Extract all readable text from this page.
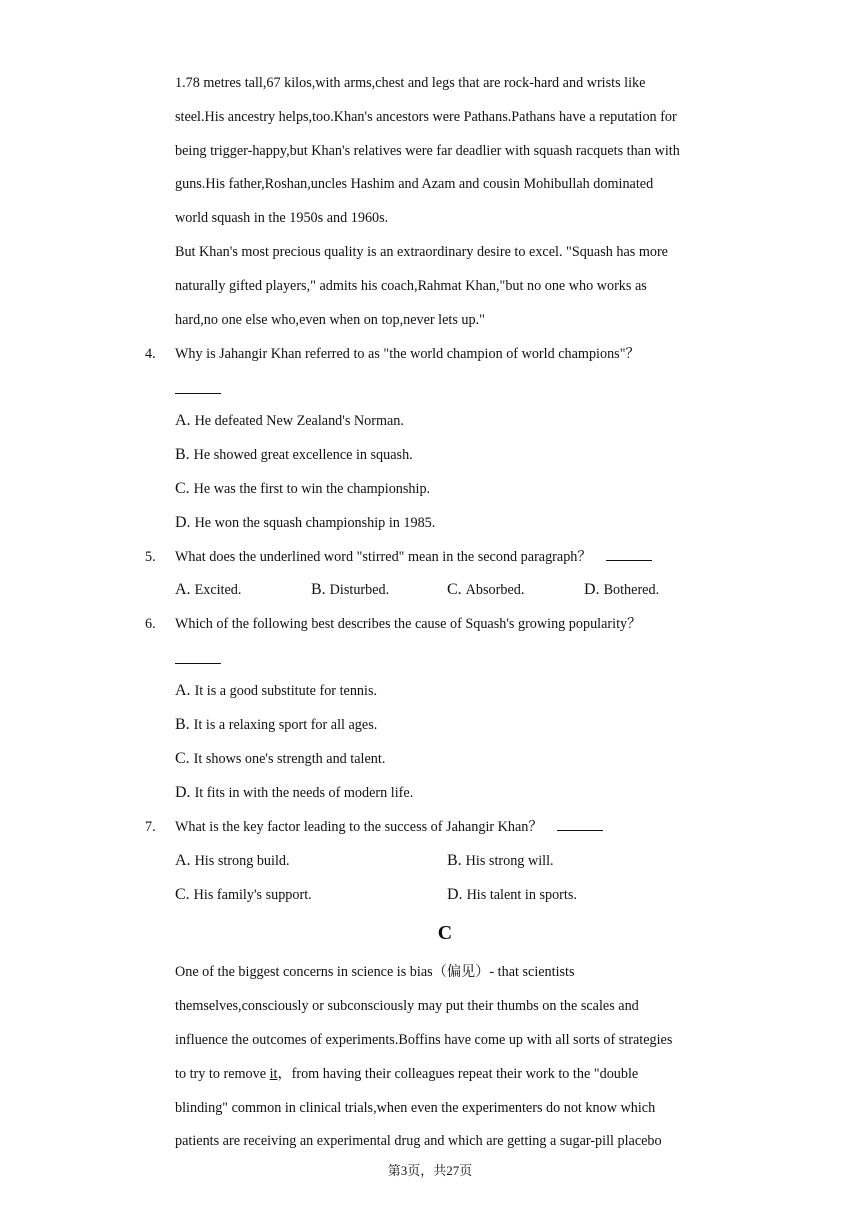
1.78 metres tall,67 kilos,with arms,chest and legs that are rock-hard and wrists like
steel.His ancestry helps,too.Khan's ancestors were Pathans.Pathans have a reputation for
being trigger-happy,but Khan's relatives were far deadlier with squash racquets than with
guns.His father,Roshan,uncles Hashim and Azam and cousin Mohibullah dominated
world squash in the 1950s and 1960s.
But Khan's most precious quality is an extraordinary desire to excel. "Squash has more
naturally gifted players," admits his coach,Rahmat Khan,"but no one who works as
hard,no one else who,even when on top,never lets up."
4. Why is Jahangir Khan referred to as "the world champion of world champions"？
A. He defeated New Zealand's Norman.
B. He showed great excellence in squash.
C. He was the first to win the championship.
D. He won the squash championship in 1985.
5. What does the underlined word "stirred" mean in the second paragraph？
A. Excited.	B. Disturbed.	C. Absorbed.	D. Bothered.
6. Which of the following best describes the cause of Squash's growing popularity？
A. It is a good substitute for tennis.
B. It is a relaxing sport for all ages.
C. It shows one's strength and talent.
D. It fits in with the needs of modern life.
7. What is the key factor leading to the success of Jahangir Khan？
A. His strong build.	B. His strong will.
C. His family's support.	D. His talent in sports.
C
One of the biggest concerns in science is bias（偏见）- that scientists
themselves,consciously or subconsciously may put their thumbs on the scales and
influence the outcomes of experiments.Boffins have come up with all sorts of strategies
to try to remove it，from having their colleagues repeat their work to the "double
blinding" common in clinical trials,when even the experimenters do not know which
patients are receiving an experimental drug and which are getting a sugar-pill placebo
第3页，共27页
